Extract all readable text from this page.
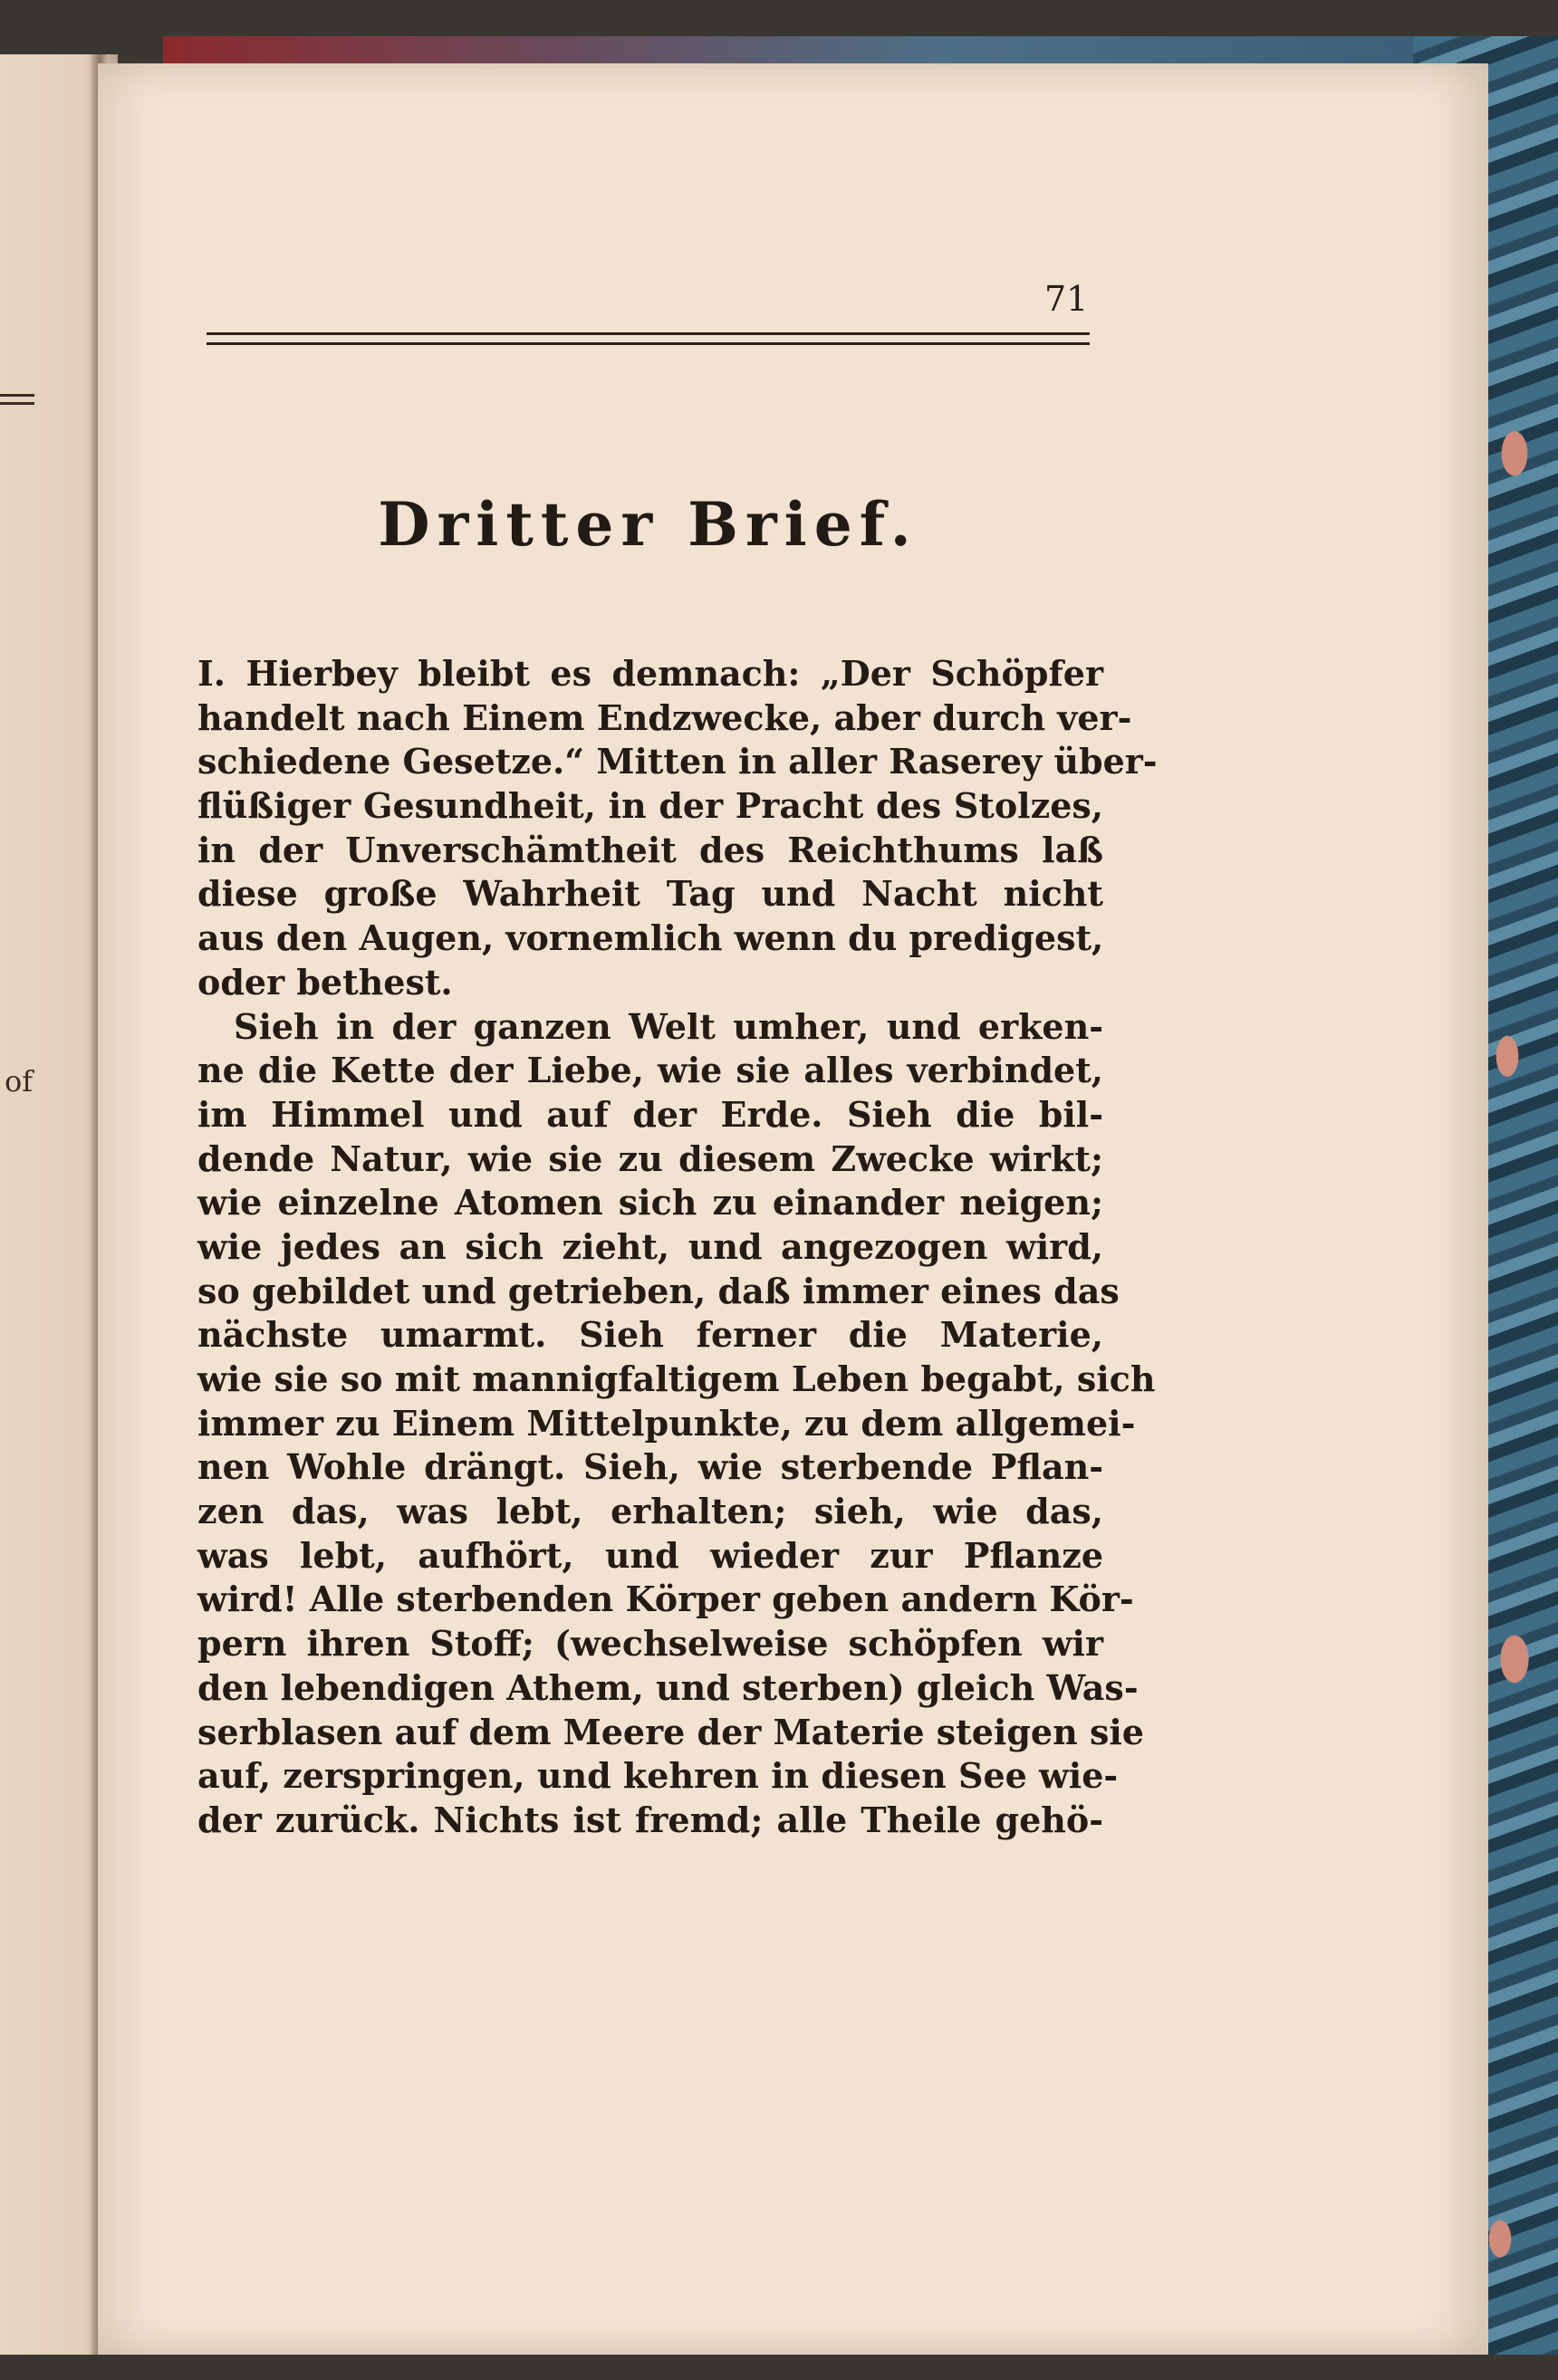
of
71
Dritter Brief.
I. Hierbey bleibt es demnach: „Der Schöpfer
handelt nach Einem Endzwecke, aber durch ver-
schiedene Gesetze.“ Mitten in aller Raserey über-
flüßiger Gesundheit, in der Pracht des Stolzes,
in der Unverschämtheit des Reichthums laß
diese große Wahrheit Tag und Nacht nicht
aus den Augen, vornemlich wenn du predigest,
oder bethest.
Sieh in der ganzen Welt umher, und erken-
ne die Kette der Liebe, wie sie alles verbindet,
im Himmel und auf der Erde. Sieh die bil-
dende Natur, wie sie zu diesem Zwecke wirkt;
wie einzelne Atomen sich zu einander neigen;
wie jedes an sich zieht, und angezogen wird,
so gebildet und getrieben, daß immer eines das
nächste umarmt. Sieh ferner die Materie,
wie sie so mit mannigfaltigem Leben begabt, sich
immer zu Einem Mittelpunkte, zu dem allgemei-
nen Wohle drängt. Sieh, wie sterbende Pflan-
zen das, was lebt, erhalten; sieh, wie das,
was lebt, aufhört, und wieder zur Pflanze
wird! Alle sterbenden Körper geben andern Kör-
pern ihren Stoff; (wechselweise schöpfen wir
den lebendigen Athem, und sterben) gleich Was-
serblasen auf dem Meere der Materie steigen sie
auf, zerspringen, und kehren in diesen See wie-
der zurück. Nichts ist fremd; alle Theile gehö-
